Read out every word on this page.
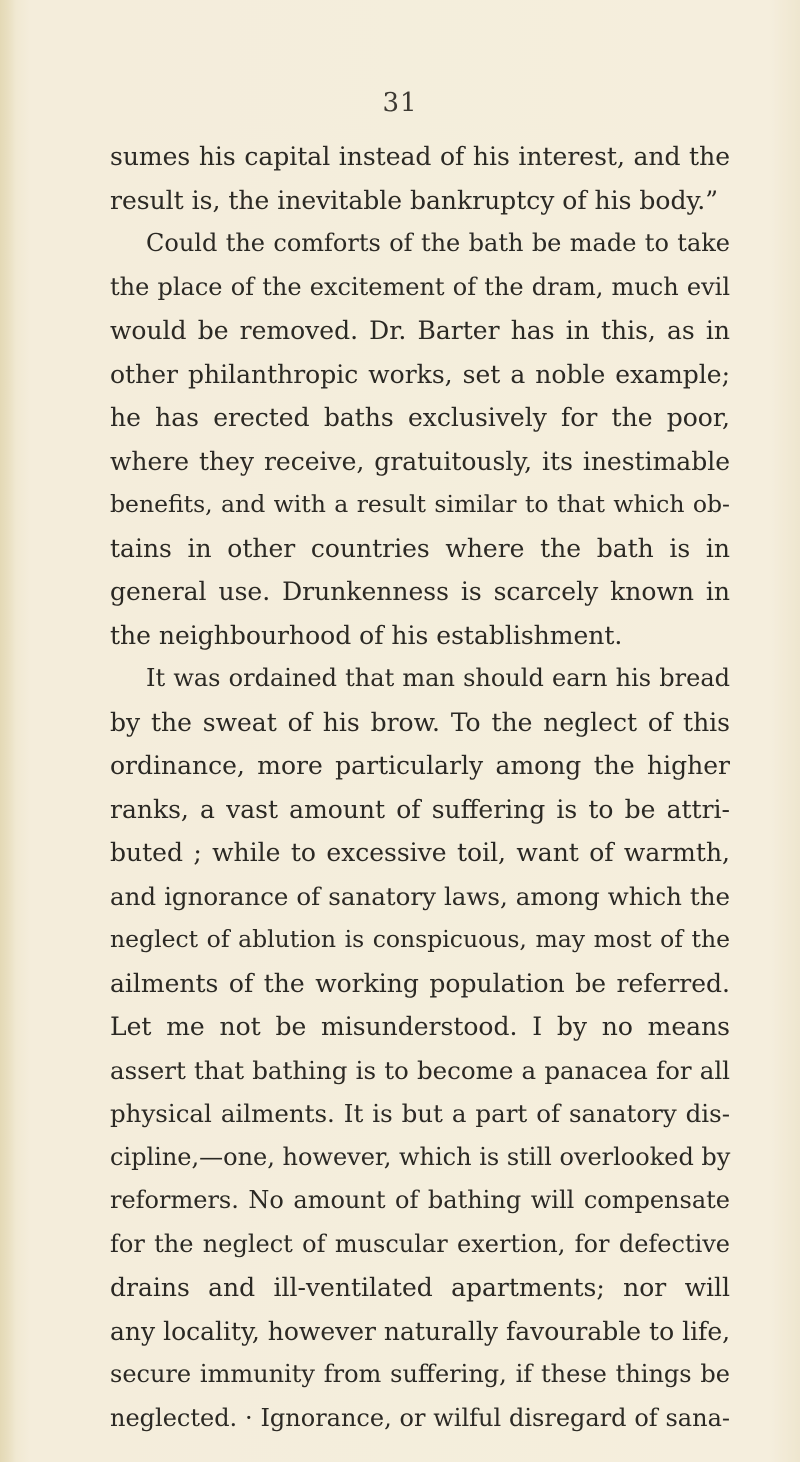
31
sumes his capital instead of his interest, and the
result is, the inevitable bankruptcy of his body.”
Could the comforts of the bath be made to take
the place of the excitement of the dram, much evil
would be removed. Dr. Barter has in this, as in
other philanthropic works, set a noble example;
he has erected baths exclusively for the poor,
where they receive, gratuitously, its inestimable
benefits, and with a result similar to that which ob-
tains in other countries where the bath is in
general use. Drunkenness is scarcely known in
the neighbourhood of his establishment.
It was ordained that man should earn his bread
by the sweat of his brow. To the neglect of this
ordinance, more particularly among the higher
ranks, a vast amount of suffering is to be attri-
buted ; while to excessive toil, want of warmth,
and ignorance of sanatory laws, among which the
neglect of ablution is conspicuous, may most of the
ailments of the working population be referred.
Let me not be misunderstood. I by no means
assert that bathing is to become a panacea for all
physical ailments. It is but a part of sanatory dis-
cipline,—one, however, which is still overlooked by
reformers. No amount of bathing will compensate
for the neglect of muscular exertion, for defective
drains and ill-ventilated apartments; nor will
any locality, however naturally favourable to life,
secure immunity from suffering, if these things be
neglected. · Ignorance, or wilful disregard of sana-
